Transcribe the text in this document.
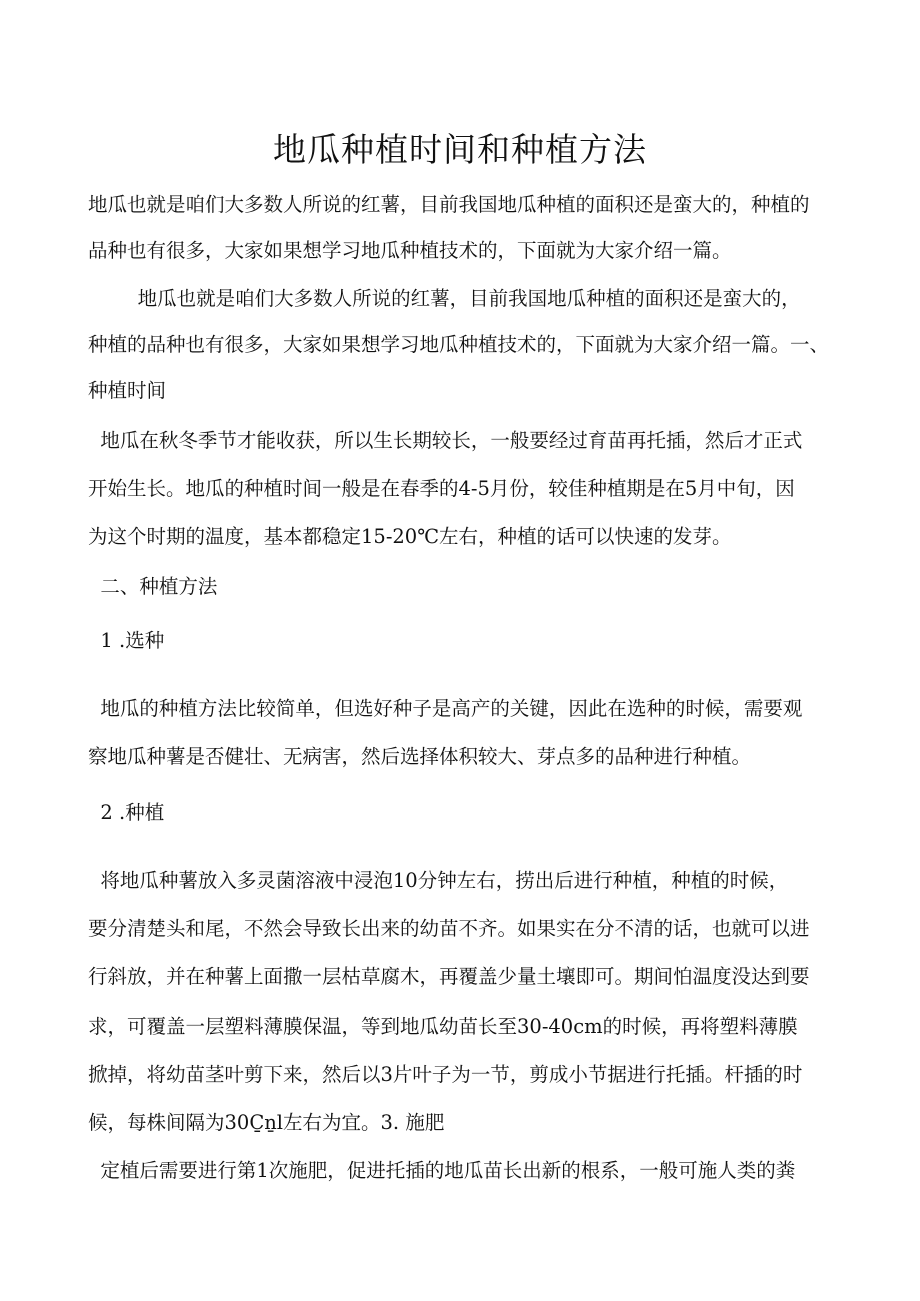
地瓜种植时间和种植方法

地瓜也就是咱们大多数人所说的红薯，目前我国地瓜种植的面积还是蛮大的，种植的

品种也有很多，大家如果想学习地瓜种植技术的，下面就为大家介绍一篇。

地瓜也就是咱们大多数人所说的红薯，目前我国地瓜种植的面积还是蛮大的，

种植的品种也有很多，大家如果想学习地瓜种植技术的，下面就为大家介绍一篇。一、

种植时间

地瓜在秋冬季节才能收获，所以生长期较长，一般要经过育苗再托插，然后才正式

开始生长。地瓜的种植时间一般是在春季的4-5月份，较佳种植期是在5月中旬，因

为这个时期的温度，基本都稳定15-20℃左右，种植的话可以快速的发芽。

二、种植方法

1 .选种

地瓜的种植方法比较简单，但选好种子是高产的关键，因此在选种的时候，需要观

察地瓜种薯是否健壮、无病害，然后选择体积较大、芽点多的品种进行种植。

2 .种植

将地瓜种薯放入多灵菌溶液中浸泡10分钟左右，捞出后进行种植，种植的时候，

要分清楚头和尾，不然会导致长出来的幼苗不齐。如果实在分不清的话，也就可以进

行斜放，并在种薯上面撒一层枯草腐木，再覆盖少量土壤即可。期间怕温度没达到要

求，可覆盖一层塑料薄膜保温，等到地瓜幼苗长至30-40cm的时候，再将塑料薄膜

掀掉，将幼苗茎叶剪下来，然后以3片叶子为一节，剪成小节据进行托插。杆插的时

候，每株间隔为30C̱ṉl左右为宜。3. 施肥

定植后需要进行第1次施肥，促进托插的地瓜苗长出新的根系，一般可施人类的粪
